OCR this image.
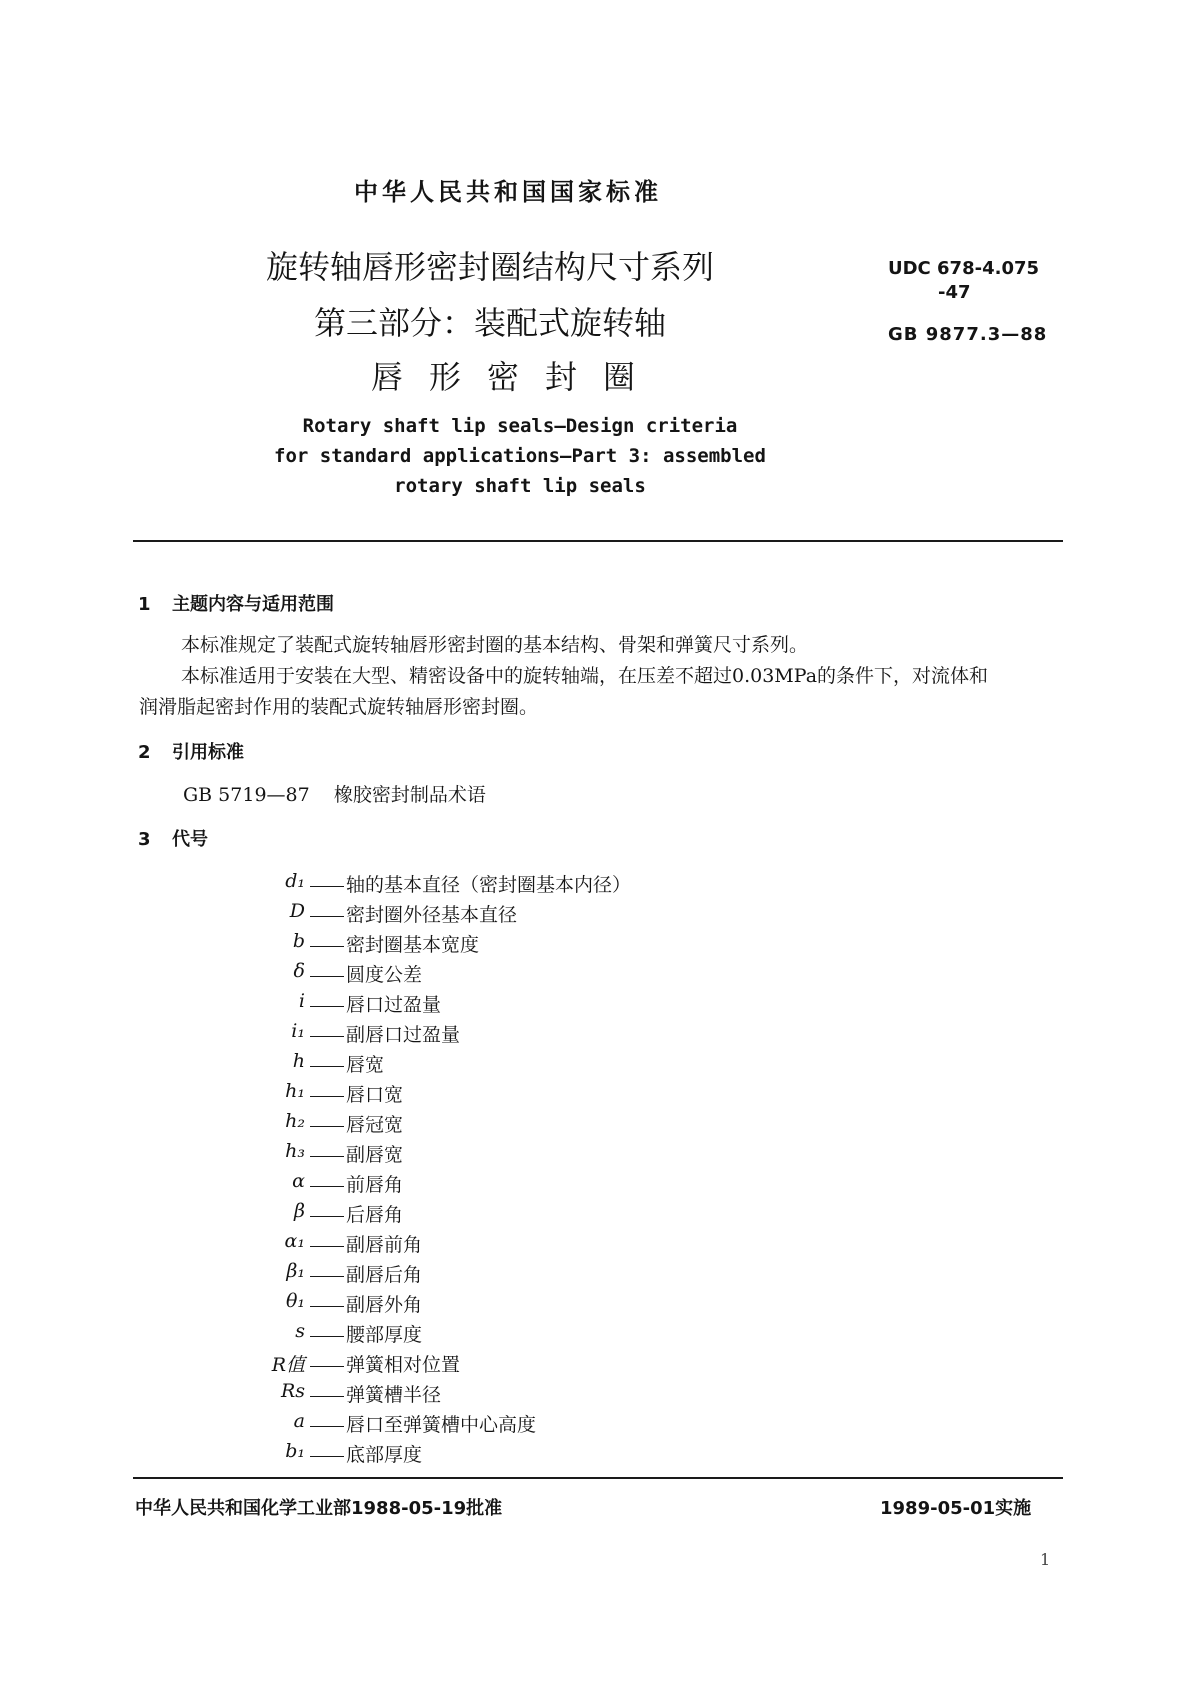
中华人民共和国国家标准
旋转轴唇形密封圈结构尺寸系列
第三部分：装配式旋转轴
唇形密封圈
UDC 678-4.075
-47
GB 9877.3—88
Rotary shaft lip seals—Design criteria
for standard applications—Part 3: assembled
rotary shaft lip seals
1 主题内容与适用范围
本标准规定了装配式旋转轴唇形密封圈的基本结构、骨架和弹簧尺寸系列。
本标准适用于安装在大型、精密设备中的旋转轴端，在压差不超过0.03MPa的条件下，对流体和
润滑脂起密封作用的装配式旋转轴唇形密封圈。
2 引用标准
GB 5719—87    橡胶密封制品术语
3 代号
d₁	轴的基本直径（密封圈基本内径）
D	密封圈外径基本直径
b	密封圈基本宽度
δ	圆度公差
i	唇口过盈量
i₁	副唇口过盈量
h	唇宽
h₁	唇口宽
h₂	唇冠宽
h₃	副唇宽
α	前唇角
β	后唇角
α₁	副唇前角
β₁	副唇后角
θ₁	副唇外角
s	腰部厚度
R值	弹簧相对位置
Rs	弹簧槽半径
a	唇口至弹簧槽中心高度
b₁	底部厚度
中华人民共和国化学工业部1988-05-19批准	1989-05-01实施
1
